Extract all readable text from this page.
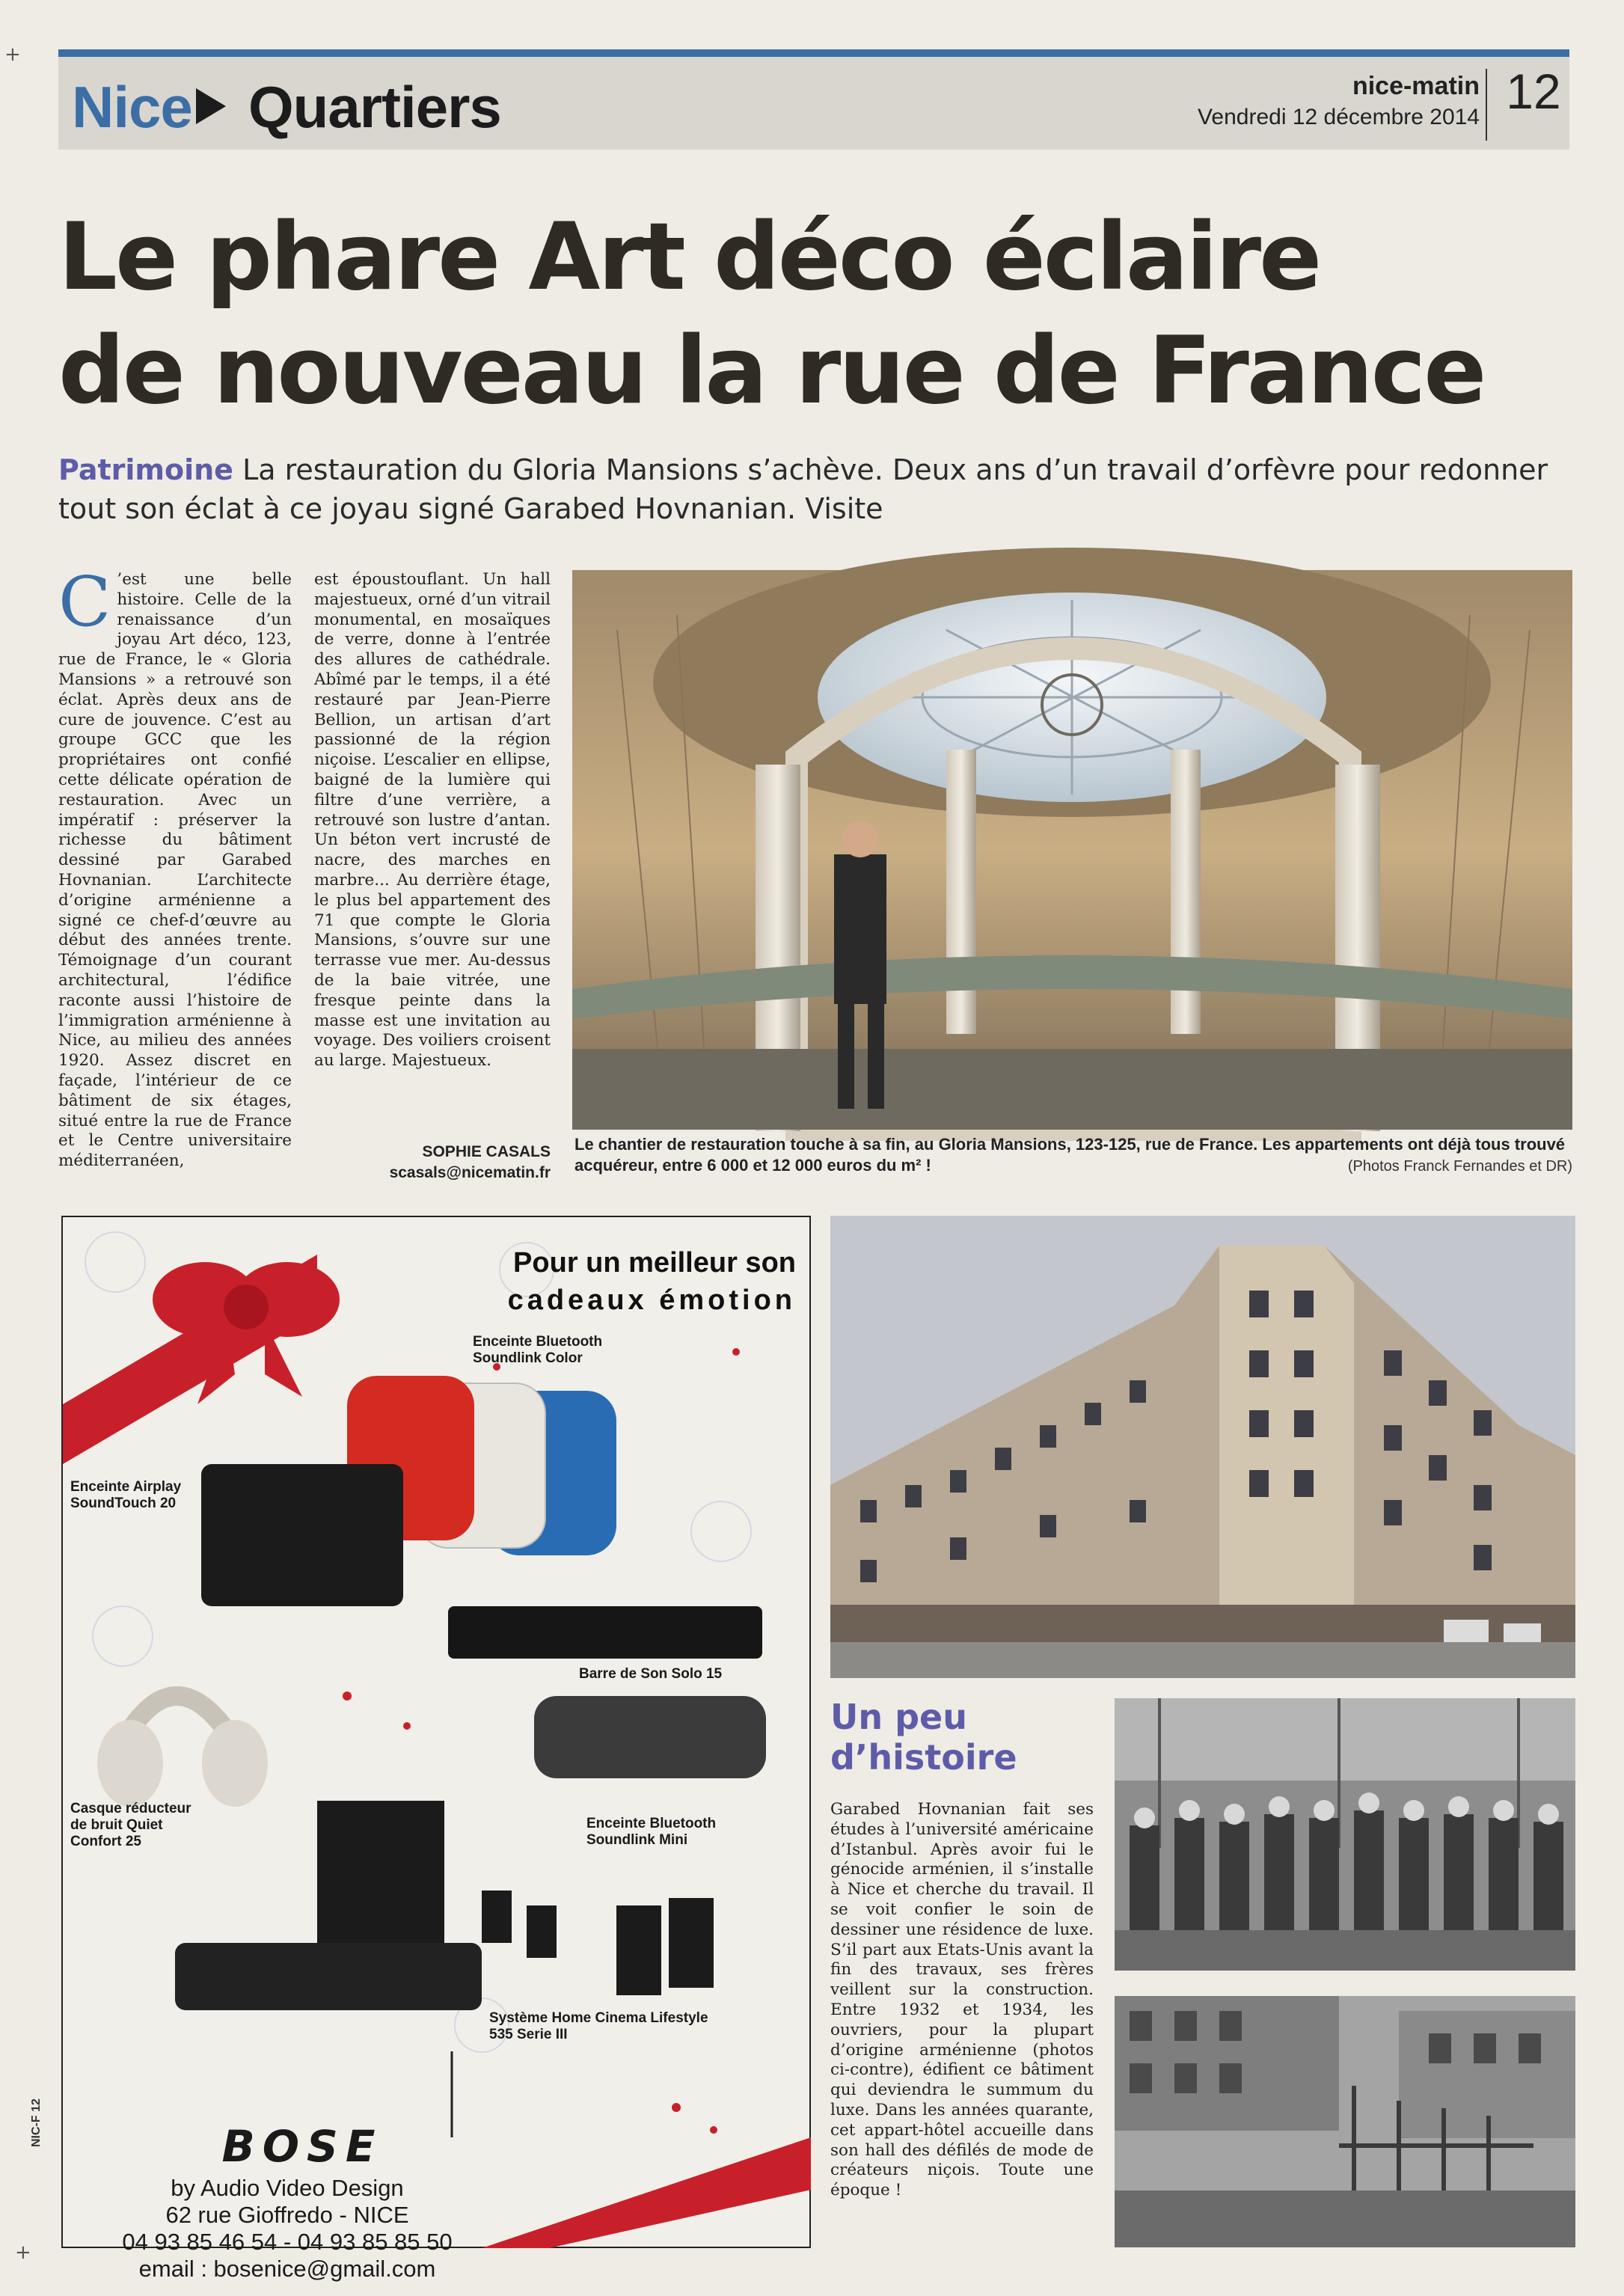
+
+
Nice Quartiers	nice-matin
Vendredi 12 décembre 2014 12
Le phare Art déco éclaire
de nouveau la rue de France
Patrimoine La restauration du Gloria Mansions s’achève. Deux ans d’un travail d’orfèvre pour redonner tout son éclat à ce joyau signé Garabed Hovnanian. Visite
C ’est une belle histoire. Celle de la renaissance d’un joyau Art déco, 123, rue de France, le « Gloria Mansions » a retrouvé son éclat. Après deux ans de cure de jouvence. C’est au groupe GCC que les propriétaires ont confié cette délicate opération de restauration. Avec un impératif : préserver la richesse du bâtiment dessiné par Garabed Hovnanian. L’architecte d’origine arménienne a signé ce chef-d’œuvre au début des années trente. Témoignage d’un courant architectural, l’édifice raconte aussi l’histoire de l’immigration arménienne à Nice, au milieu des années 1920. Assez discret en façade, l’intérieur de ce bâtiment de six étages, situé entre la rue de France et le Centre universitaire méditerranéen,
est époustouflant. Un hall majestueux, orné d’un vitrail monumental, en mosaïques de verre, donne à l’entrée des allures de cathédrale. Abîmé par le temps, il a été restauré par Jean-Pierre Bellion, un artisan d’art passionné de la région niçoise. L’escalier en ellipse, baigné de la lumière qui filtre d’une verrière, a retrouvé son lustre d’antan. Un béton vert incrusté de nacre, des marches en marbre... Au derrière étage, le plus bel appartement des 71 que compte le Gloria Mansions, s’ouvre sur une terrasse vue mer. Au-dessus de la baie vitrée, une fresque peinte dans la masse est une invitation au voyage. Des voiliers croisent au large. Majestueux.
SOPHIE CASALS
scasals@nicematin.fr
Le chantier de restauration touche à sa fin, au Gloria Mansions, 123-125, rue de France. Les appartements ont déjà tous trouvé acquéreur, entre 6 000 et 12 000 euros du m² !	(Photos Franck Fernandes et DR)
Pour un meilleur son
cadeaux émotion
Enceinte Bluetooth Soundlink Color
Enceinte Airplay SoundTouch 20
Barre de Son Solo 15
Casque réducteur de bruit Quiet Confort 25
Enceinte Bluetooth Soundlink Mini
Système Home Cinema Lifestyle 535 Serie III
BOSE
by Audio Video Design
62 rue Gioffredo - NICE
04 93 85 46 54 - 04 93 85 85 50
email : bosenice@gmail.com
Un peu d’histoire
Garabed Hovnanian fait ses études à l’université américaine d’Istanbul. Après avoir fui le génocide arménien, il s’installe à Nice et cherche du travail. Il se voit confier le soin de dessiner une résidence de luxe. S’il part aux Etats-Unis avant la fin des travaux, ses frères veillent sur la construction. Entre 1932 et 1934, les ouvriers, pour la plupart d’origine arménienne (photos ci-contre), édifient ce bâtiment qui deviendra le summum du luxe. Dans les années quarante, cet appart-hôtel accueille dans son hall des défilés de mode de créateurs niçois. Toute une époque !
NIC-F 12
